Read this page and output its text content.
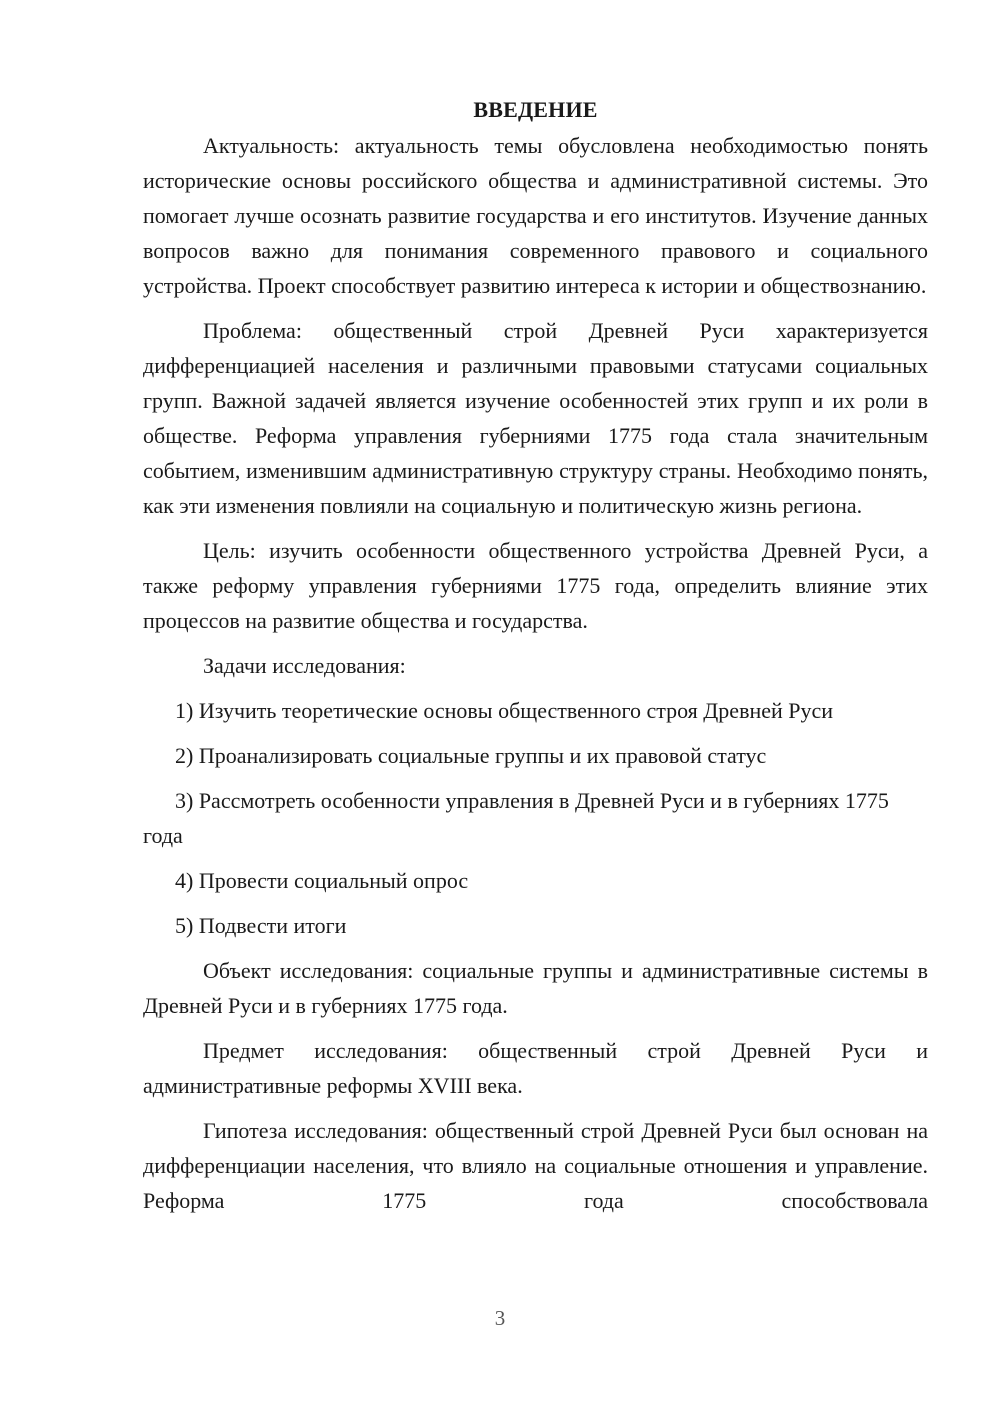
ВВЕДЕНИЕ

Актуальность: актуальность темы обусловлена необходимостью понять исторические основы российского общества и административной системы. Это помогает лучше осознать развитие государства и его институтов. Изучение данных вопросов важно для понимания современного правового и социального устройства. Проект способствует развитию интереса к истории и обществознанию.

Проблема: общественный строй Древней Руси характеризуется дифференциацией населения и различными правовыми статусами социальных групп. Важной задачей является изучение особенностей этих групп и их роли в обществе. Реформа управления губерниями 1775 года стала значительным событием, изменившим административную структуру страны. Необходимо понять, как эти изменения повлияли на социальную и политическую жизнь региона.

Цель: изучить особенности общественного устройства Древней Руси, а также реформу управления губерниями 1775 года, определить влияние этих процессов на развитие общества и государства.

Задачи исследования:

1) Изучить теоретические основы общественного строя Древней Руси

2) Проанализировать социальные группы и их правовой статус

3) Рассмотреть особенности управления в Древней Руси и в губерниях 1775 года

4) Провести социальный опрос

5) Подвести итоги

Объект исследования: социальные группы и административные системы в Древней Руси и в губерниях 1775 года.

Предмет исследования: общественный строй Древней Руси и административные реформы XVIII века.

Гипотеза исследования: общественный строй Древней Руси был основан на дифференциации населения, что влияло на социальные отношения и управление. Реформа 1775 года способствовала

3
